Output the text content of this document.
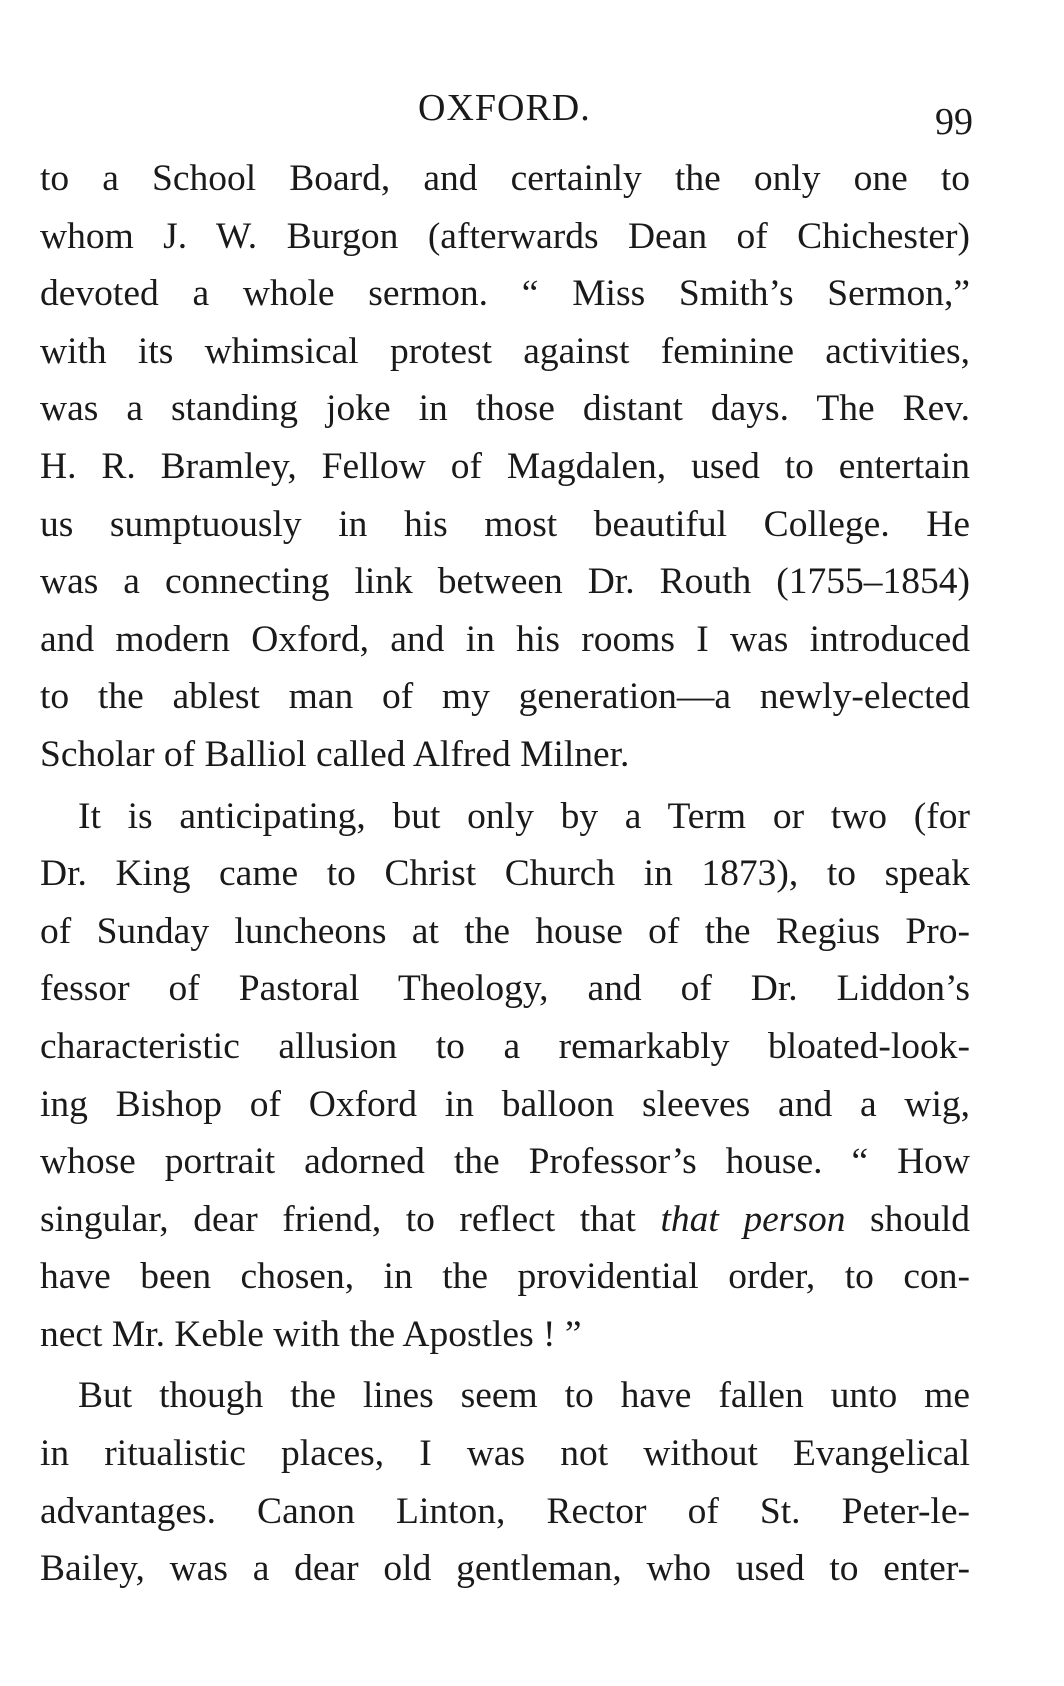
OXFORD.	99
to a School Board, and certainly the only one to
whom J. W. Burgon (afterwards Dean of Chichester)
devoted a whole sermon. “ Miss Smith’s Sermon,”
with its whimsical protest against feminine activities,
was a standing joke in those distant days. The Rev.
H. R. Bramley, Fellow of Magdalen, used to entertain
us sumptuously in his most beautiful College. He
was a connecting link between Dr. Routh (1755–1854)
and modern Oxford, and in his rooms I was introduced
to the ablest man of my generation—a newly-elected
Scholar of Balliol called Alfred Milner.
It is anticipating, but only by a Term or two (for
Dr. King came to Christ Church in 1873), to speak
of Sunday luncheons at the house of the Regius Pro-
fessor of Pastoral Theology, and of Dr. Liddon’s
characteristic allusion to a remarkably bloated-look-
ing Bishop of Oxford in balloon sleeves and a wig,
whose portrait adorned the Professor’s house. “ How
singular, dear friend, to reflect that that person should
have been chosen, in the providential order, to con-
nect Mr. Keble with the Apostles ! ”
But though the lines seem to have fallen unto me
in ritualistic places, I was not without Evangelical
advantages. Canon Linton, Rector of St. Peter-le-
Bailey, was a dear old gentleman, who used to enter-
